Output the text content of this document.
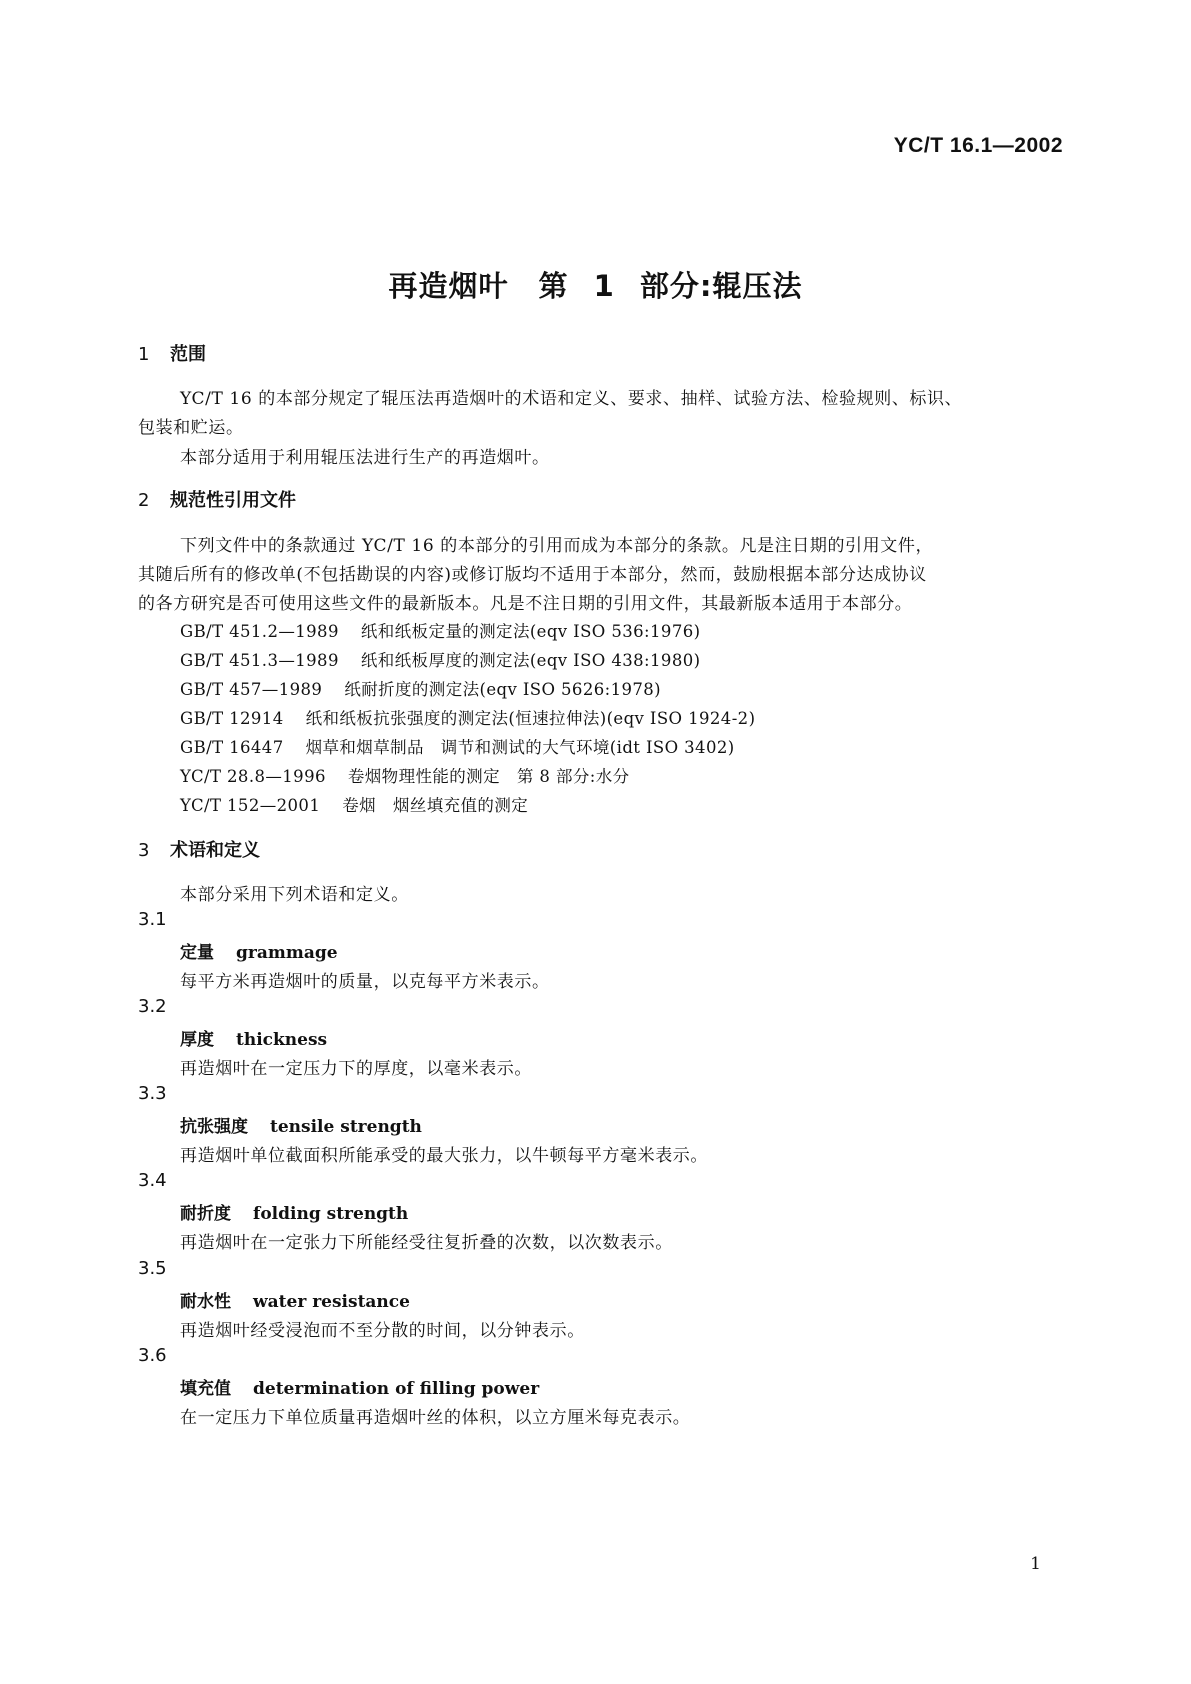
YC/T 16.1—2002
再造烟叶　第 1 部分:辊压法
1 范围
YC/T 16 的本部分规定了辊压法再造烟叶的术语和定义、要求、抽样、试验方法、检验规则、标识、
包装和贮运。
本部分适用于利用辊压法进行生产的再造烟叶。
2 规范性引用文件
下列文件中的条款通过 YC/T 16 的本部分的引用而成为本部分的条款。凡是注日期的引用文件，
其随后所有的修改单(不包括勘误的内容)或修订版均不适用于本部分，然而，鼓励根据本部分达成协议
的各方研究是否可使用这些文件的最新版本。凡是不注日期的引用文件，其最新版本适用于本部分。
GB/T 451.2—1989 纸和纸板定量的测定法(eqv ISO 536:1976)
GB/T 451.3—1989 纸和纸板厚度的测定法(eqv ISO 438:1980)
GB/T 457—1989 纸耐折度的测定法(eqv ISO 5626:1978)
GB/T 12914 纸和纸板抗张强度的测定法(恒速拉伸法)(eqv ISO 1924-2)
GB/T 16447 烟草和烟草制品　调节和测试的大气环境(idt ISO 3402)
YC/T 28.8—1996 卷烟物理性能的测定　第 8 部分:水分
YC/T 152—2001 卷烟　烟丝填充值的测定
3 术语和定义
本部分采用下列术语和定义。
3.1
定量 grammage
每平方米再造烟叶的质量，以克每平方米表示。
3.2
厚度 thickness
再造烟叶在一定压力下的厚度，以毫米表示。
3.3
抗张强度 tensile strength
再造烟叶单位截面积所能承受的最大张力，以牛顿每平方毫米表示。
3.4
耐折度 folding strength
再造烟叶在一定张力下所能经受往复折叠的次数，以次数表示。
3.5
耐水性 water resistance
再造烟叶经受浸泡而不至分散的时间，以分钟表示。
3.6
填充值 determination of filling power
在一定压力下单位质量再造烟叶丝的体积，以立方厘米每克表示。
1
